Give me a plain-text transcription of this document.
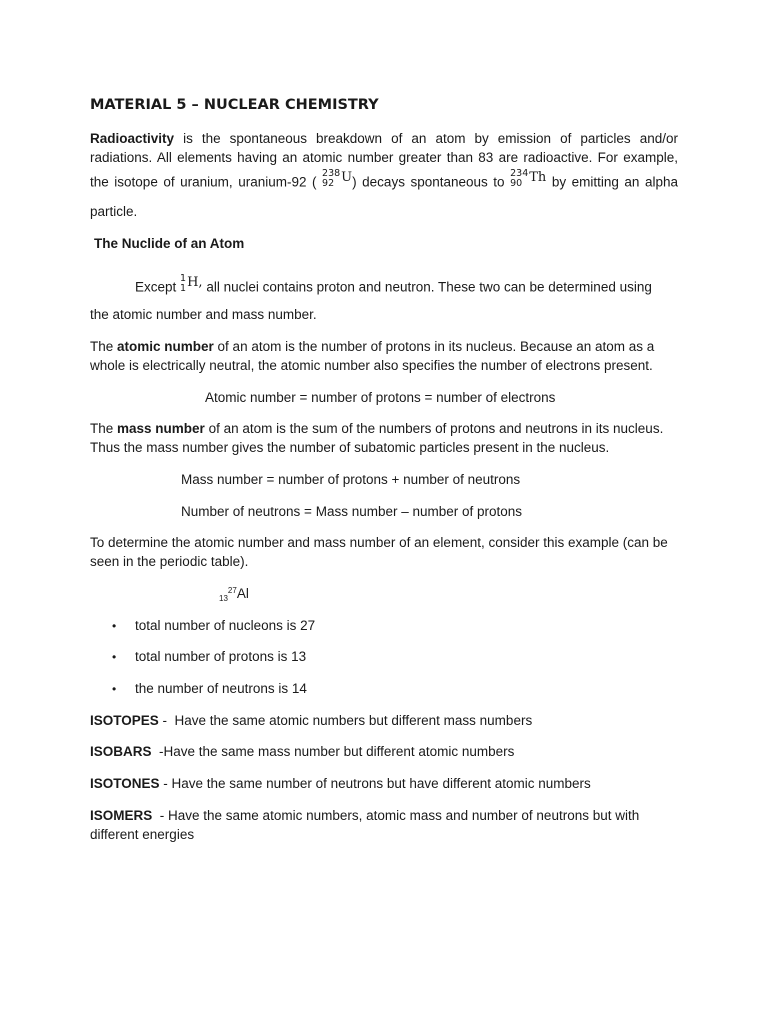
MATERIAL 5 – NUCLEAR CHEMISTRY
Radioactivity is the spontaneous breakdown of an atom by emission of particles and/or
radiations. All elements having an atomic number greater than 83 are radioactive. For example,
the isotope of uranium, uranium-92 (
238
92 U) decays spontaneous to
234
90 Th by emitting an alpha
particle.
The Nuclide of an Atom
Except
1
1 H, all nuclei contains proton and neutron. These two can be determined using
the atomic number and mass number.
The atomic number of an atom is the number of protons in its nucleus. Because an atom as a whole is electrically neutral, the atomic number also specifies the number of electrons present.
Atomic number = number of protons = number of electrons
The mass number of an atom is the sum of the numbers of protons and neutrons in its nucleus. Thus the mass number gives the number of subatomic particles present in the nucleus.
Mass number = number of protons + number of neutrons
Number of neutrons = Mass number – number of protons
To determine the atomic number and mass number of an element, consider this example (can be seen in the periodic table).
$_{13}^{27}$Al
• total number of nucleons is 27
• total number of protons is 13
• the number of neutrons is 14
ISOTOPES -  Have the same atomic numbers but different mass numbers
ISOBARS  -Have the same mass number but different atomic numbers
ISOTONES - Have the same number of neutrons but have different atomic numbers
ISOMERS  - Have the same atomic numbers, atomic mass and number of neutrons but with different energies
